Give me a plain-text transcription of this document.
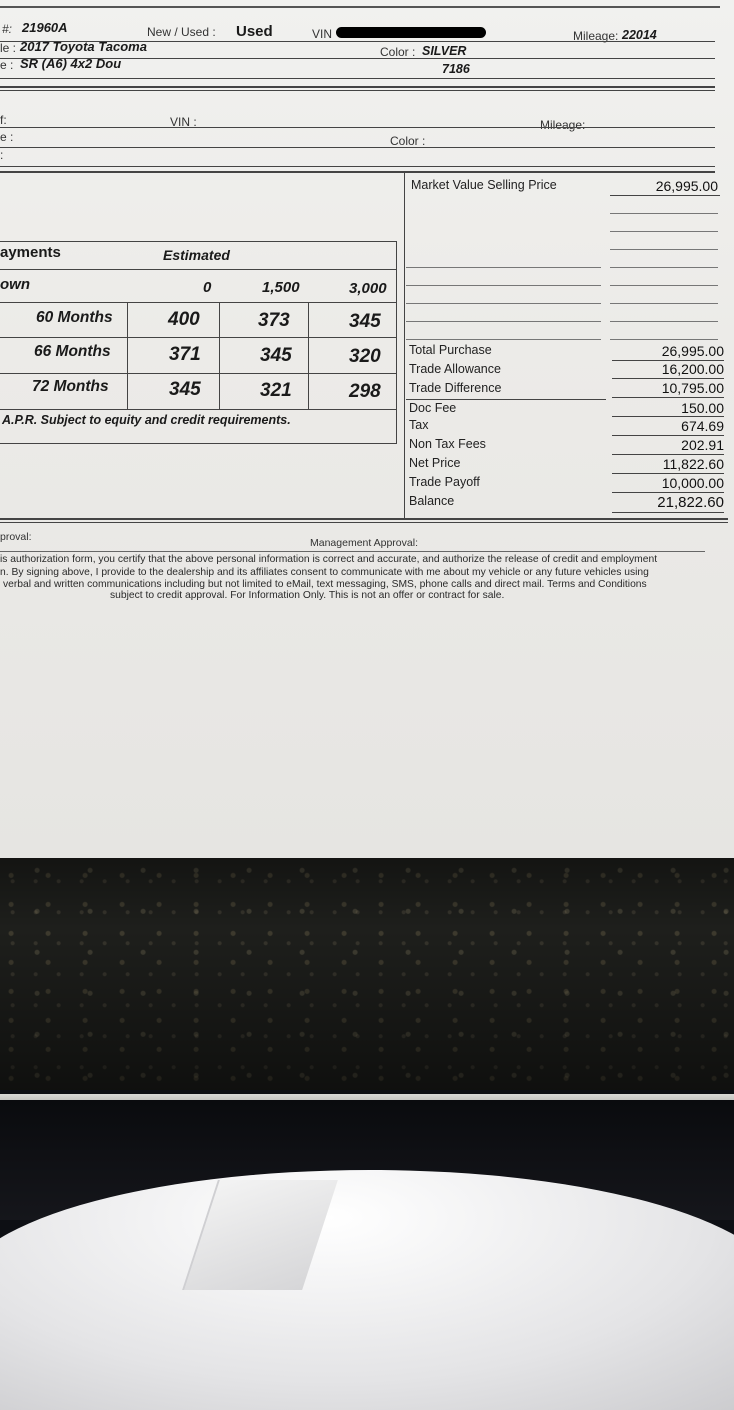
#: 21960A	New / Used : Used	VIN	Mileage: 22014
le : 2017 Toyota Tacoma	Color : SILVER
e : SR (A6) 4x2 Dou	7186
f:	VIN :	Mileage:
e :	Color :
:
Market Value Selling Price	26,995.00
Total Purchase	26,995.00
Trade Allowance	16,200.00
Trade Difference	10,795.00
Doc Fee	150.00
Tax	674.69
Non Tax Fees	202.91
Net Price	11,822.60
Trade Payoff	10,000.00
Balance	21,822.60
ayments	Estimated
own	0	1,500	3,000
60 Months	400	373	345
66 Months	371	345	320
72 Months	345	321	298
A.P.R. Subject to equity and credit requirements.
proval:	Management Approval:
is authorization form, you certify that the above personal information is correct and accurate, and authorize the release of credit and employment
n. By signing above, I provide to the dealership and its affiliates consent to communicate with me about my vehicle or any future vehicles using
verbal and written communications including but not limited to eMail, text messaging, SMS, phone calls and direct mail. Terms and Conditions
subject to credit approval. For Information Only. This is not an offer or contract for sale.
